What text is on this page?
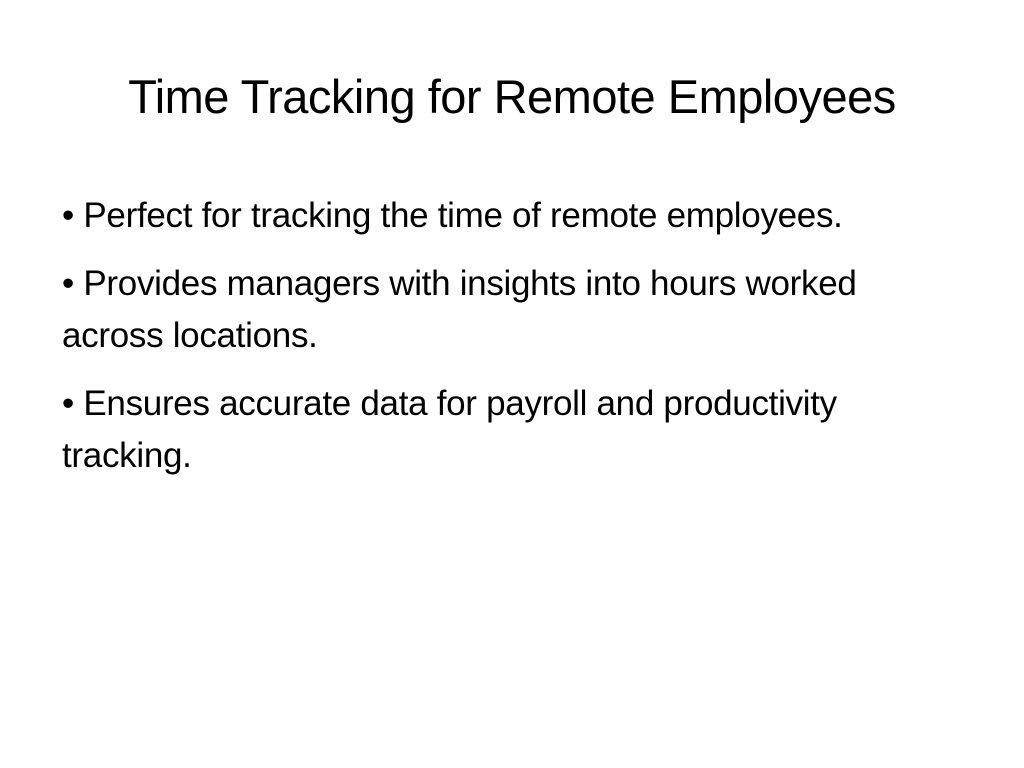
Time Tracking for Remote Employees
• Perfect for tracking the time of remote employees.
• Provides managers with insights into hours worked across locations.
• Ensures accurate data for payroll and productivity tracking.
